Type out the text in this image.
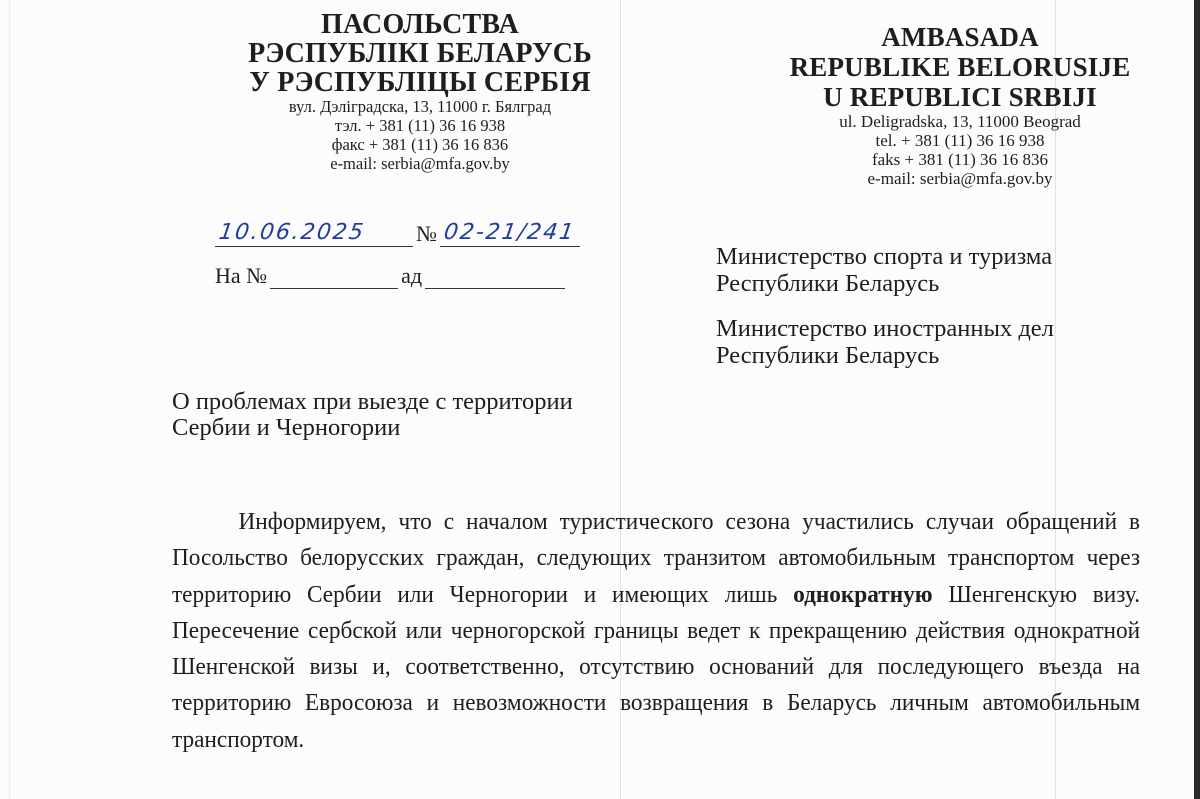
ПАСОЛЬСТВА
РЭСПУБЛІКІ БЕЛАРУСЬ
У РЭСПУБЛІЦЫ СЕРБІЯ
вул. Дэліградска, 13, 11000 г. Бялград
тэл. + 381 (11) 36 16 938
факс + 381 (11) 36 16 836
e-mail: serbia@mfa.gov.by
AMBASADA
REPUBLIKE BELORUSIJE
U REPUBLICI SRBIJI
ul. Deligradska, 13, 11000 Beograd
tel. + 381 (11) 36 16 938
faks + 381 (11) 36 16 836
e-mail: serbia@mfa.gov.by
10.06.2025 № 02-21/241
На №	ад
Министерство спорта и туризма
Республики Беларусь
Министерство иностранных дел
Республики Беларусь
О проблемах при выезде с территории
Сербии и Черногории

Информируем, что с началом туристического сезона участились случаи обращений в Посольство белорусских граждан, следующих транзитом автомобильным транспортом через территорию Сербии или Черногории и имеющих лишь однократную Шенгенскую визу. Пересечение сербской или черногорской границы ведет к прекращению действия однократной Шенгенской визы и, соответственно, отсутствию оснований для последующего въезда на территорию Евросоюза и невозможности возвращения в Беларусь личным автомобильным транспортом.
